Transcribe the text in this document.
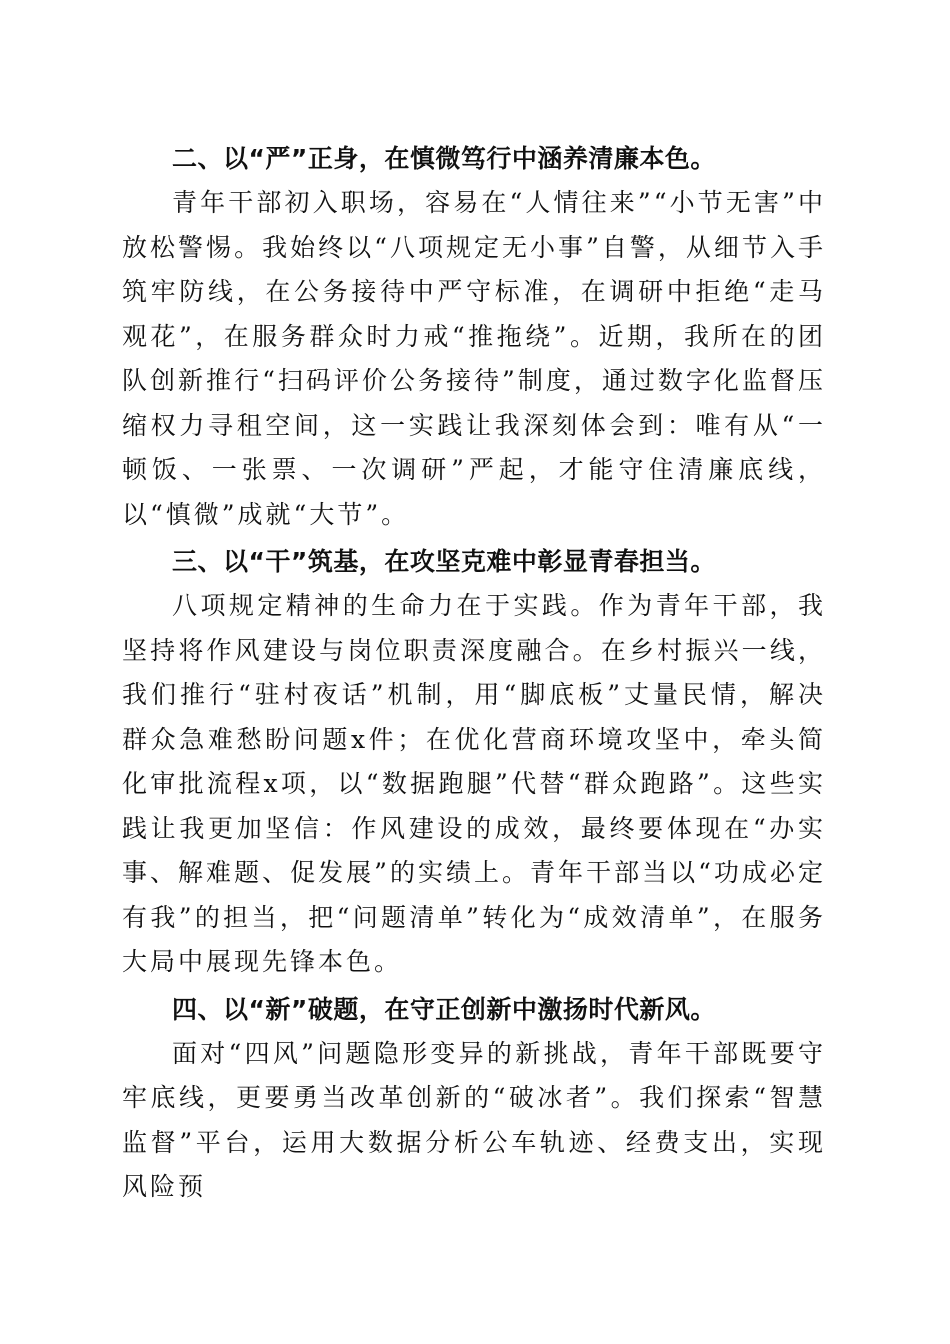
二、以“严”正身，在慎微笃行中涵养清廉本色。

青年干部初入职场，容易在“人情往来”“小节无害”中放松警惕。我始终以“八项规定无小事”自警，从细节入手筑牢防线，在公务接待中严守标准，在调研中拒绝“走马观花”，在服务群众时力戒“推拖绕”。近期，我所在的团队创新推行“扫码评价公务接待”制度，通过数字化监督压缩权力寻租空间，这一实践让我深刻体会到：唯有从“一顿饭、一张票、一次调研”严起，才能守住清廉底线，以“慎微”成就“大节”。

三、以“干”筑基，在攻坚克难中彰显青春担当。

八项规定精神的生命力在于实践。作为青年干部，我坚持将作风建设与岗位职责深度融合。在乡村振兴一线，我们推行“驻村夜话”机制，用“脚底板”丈量民情，解决群众急难愁盼问题x件；在优化营商环境攻坚中，牵头简化审批流程x项，以“数据跑腿”代替“群众跑路”。这些实践让我更加坚信：作风建设的成效，最终要体现在“办实事、解难题、促发展”的实绩上。青年干部当以“功成必定有我”的担当，把“问题清单”转化为“成效清单”，在服务大局中展现先锋本色。

四、以“新”破题，在守正创新中激扬时代新风。

面对“四风”问题隐形变异的新挑战，青年干部既要守牢底线，更要勇当改革创新的“破冰者”。我们探索“智慧监督”平台，运用大数据分析公车轨迹、经费支出，实现风险预
